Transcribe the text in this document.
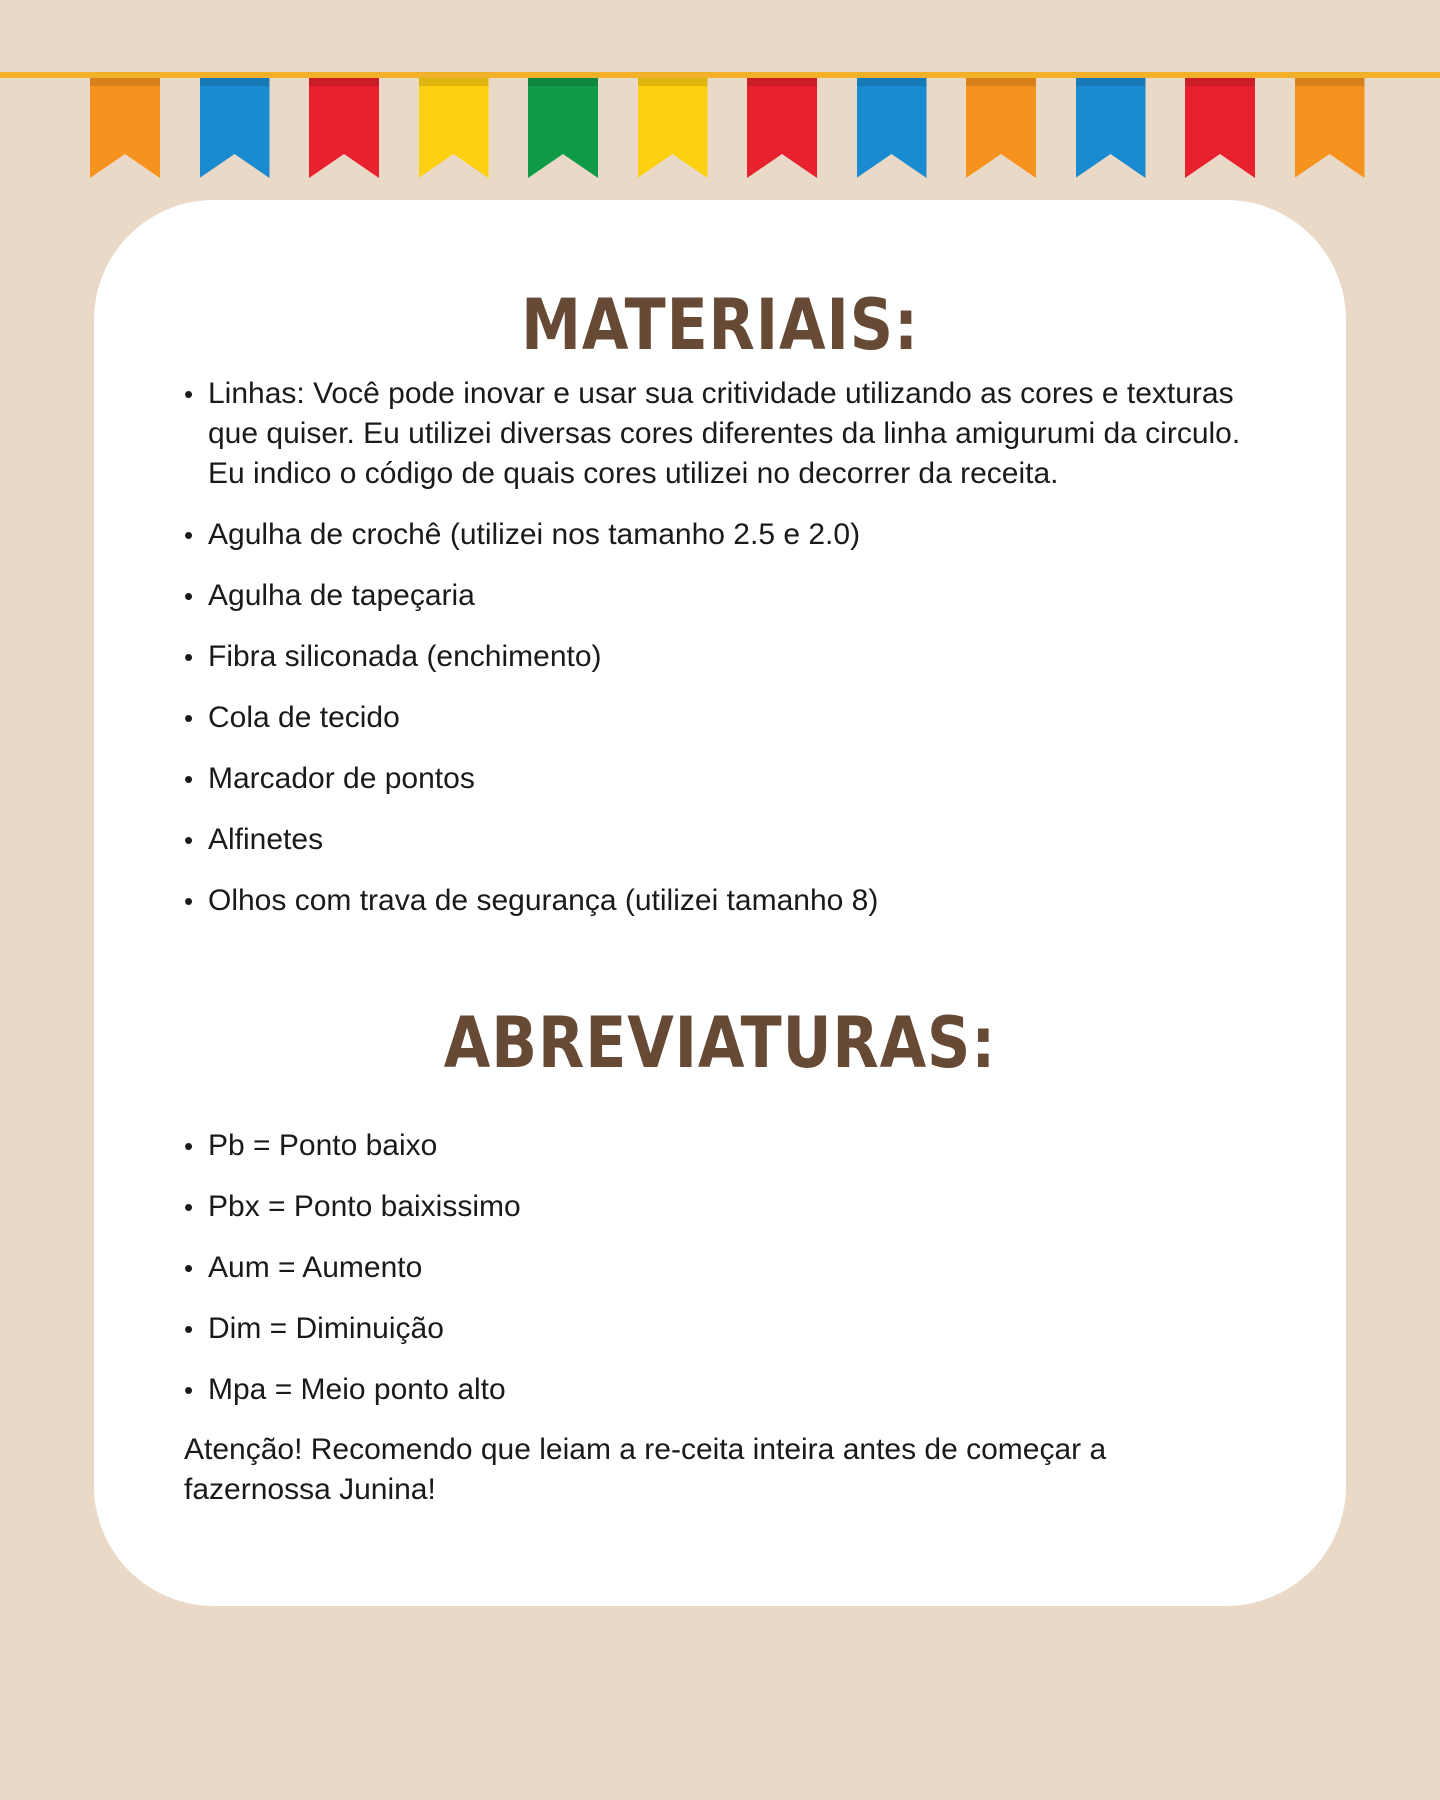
MATERIAIS:
• Linhas: Você pode inovar e usar sua critividade utilizando as cores e texturas que quiser. Eu utilizei diversas cores diferentes da linha amigurumi da circulo. Eu indico o código de quais cores utilizei no decorrer da receita.
• Agulha de crochê (utilizei nos tamanho 2.5 e 2.0)
• Agulha de tapeçaria
• Fibra siliconada (enchimento)
• Cola de tecido
• Marcador de pontos
• Alfinetes
• Olhos com trava de segurança (utilizei tamanho 8)
ABREVIATURAS:
• Pb = Ponto baixo
• Pbx = Ponto baixissimo
• Aum = Aumento
• Dim = Diminuição
• Mpa = Meio ponto alto

Atenção! Recomendo que leiam a re-ceita inteira antes de começar a fazernossa Junina!
